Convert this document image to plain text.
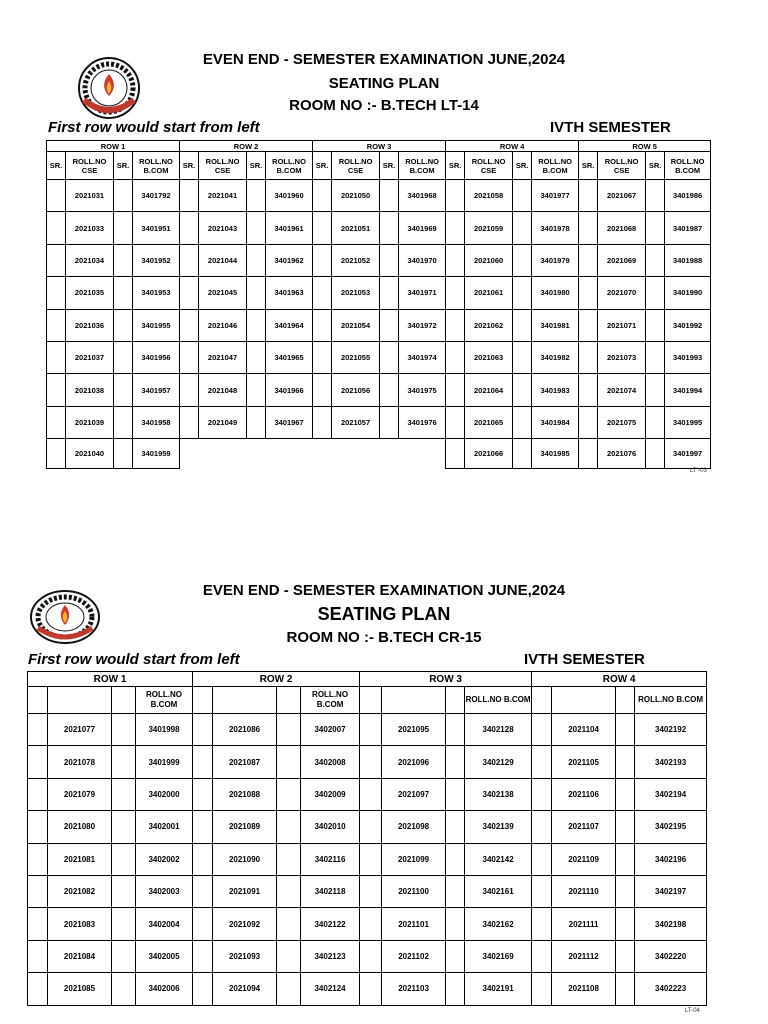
EVEN END - SEMESTER EXAMINATION JUNE,2024
SEATING PLAN
ROOM NO :- B.TECH LT-14
First row would start from left	IVTH SEMESTER
ROW 1				ROW 2				ROW 3				ROW 4				ROW 5			
SR.	ROLL.NO CSE	SR.	ROLL.NO B.COM	SR.	ROLL.NO CSE	SR.	ROLL.NO B.COM	SR.	ROLL.NO CSE	SR.	ROLL.NO B.COM	SR.	ROLL.NO CSE	SR.	ROLL.NO B.COM	SR.	ROLL.NO CSE	SR.	ROLL.NO B.COM
	2021031		3401792		2021041		3401960		2021050		3401968		2021058		3401977		2021067		3401986
	2021033		3401951		2021043		3401961		2021051		3401969		2021059		3401978		2021068		3401987
	2021034		3401952		2021044		3401962		2021052		3401970		2021060		3401979		2021069		3401988
	2021035		3401953		2021045		3401963		2021053		3401971		2021061		3401980		2021070		3401990
	2021036		3401955		2021046		3401964		2021054		3401972		2021062		3401981		2021071		3401992
	2021037		3401956		2021047		3401965		2021055		3401974		2021063		3401982		2021073		3401993
	2021038		3401957		2021048		3401966		2021056		3401975		2021064		3401983		2021074		3401994
	2021039		3401958		2021049		3401967		2021057		3401976		2021065		3401984		2021075		3401995
	2021040		3401959										2021066		3401985		2021076		3401997
LT -03
EVEN END - SEMESTER EXAMINATION JUNE,2024
SEATING PLAN
ROOM NO :- B.TECH CR-15
First row would start from left	IVTH SEMESTER
ROW 1				ROW 2				ROW 3				ROW 4			
			ROLL.NO B.COM				ROLL.NO B.COM				ROLL.NO B.COM				ROLL.NO B.COM
	2021077		3401998		2021086		3402007		2021095		3402128		2021104		3402192
	2021078		3401999		2021087		3402008		2021096		3402129		2021105		3402193
	2021079		3402000		2021088		3402009		2021097		3402138		2021106		3402194
	2021080		3402001		2021089		3402010		2021098		3402139		2021107		3402195
	2021081		3402002		2021090		3402116		2021099		3402142		2021109		3402196
	2021082		3402003		2021091		3402118		2021100		3402161		2021110		3402197
	2021083		3402004		2021092		3402122		2021101		3402162		2021111		3402198
	2021084		3402005		2021093		3402123		2021102		3402169		2021112		3402220
	2021085		3402006		2021094		3402124		2021103		3402191		2021108		3402223
LT-04
